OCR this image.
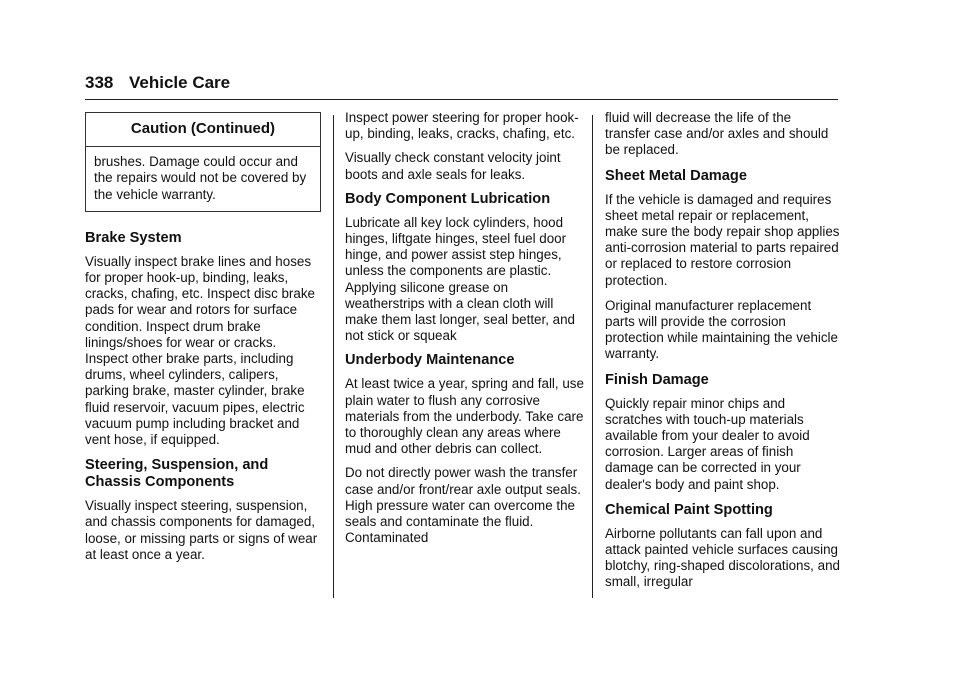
338 Vehicle Care
Caution (Continued)
brushes. Damage could occur and the repairs would not be covered by the vehicle warranty.
Brake System

Visually inspect brake lines and hoses for proper hook-up, binding, leaks, cracks, chafing, etc. Inspect disc brake pads for wear and rotors for surface condition. Inspect drum brake linings/shoes for wear or cracks. Inspect other brake parts, including drums, wheel cylinders, calipers, parking brake, master cylinder, brake fluid reservoir, vacuum pipes, electric vacuum pump including bracket and vent hose, if equipped.

Steering, Suspension, and Chassis Components

Visually inspect steering, suspension, and chassis components for damaged, loose, or missing parts or signs of wear at least once a year.

Inspect power steering for proper hook-up, binding, leaks, cracks, chafing, etc.

Visually check constant velocity joint boots and axle seals for leaks.

Body Component Lubrication

Lubricate all key lock cylinders, hood hinges, liftgate hinges, steel fuel door hinge, and power assist step hinges, unless the components are plastic. Applying silicone grease on weatherstrips with a clean cloth will make them last longer, seal better, and not stick or squeak

Underbody Maintenance

At least twice a year, spring and fall, use plain water to flush any corrosive materials from the underbody. Take care to thoroughly clean any areas where mud and other debris can collect.

Do not directly power wash the transfer case and/or front/rear axle output seals. High pressure water can overcome the seals and contaminate the fluid. Contaminated

fluid will decrease the life of the transfer case and/or axles and should be replaced.

Sheet Metal Damage

If the vehicle is damaged and requires sheet metal repair or replacement, make sure the body repair shop applies anti-corrosion material to parts repaired or replaced to restore corrosion protection.

Original manufacturer replacement parts will provide the corrosion protection while maintaining the vehicle warranty.

Finish Damage

Quickly repair minor chips and scratches with touch-up materials available from your dealer to avoid corrosion. Larger areas of finish damage can be corrected in your dealer's body and paint shop.

Chemical Paint Spotting

Airborne pollutants can fall upon and attack painted vehicle surfaces causing blotchy, ring-shaped discolorations, and small, irregular
